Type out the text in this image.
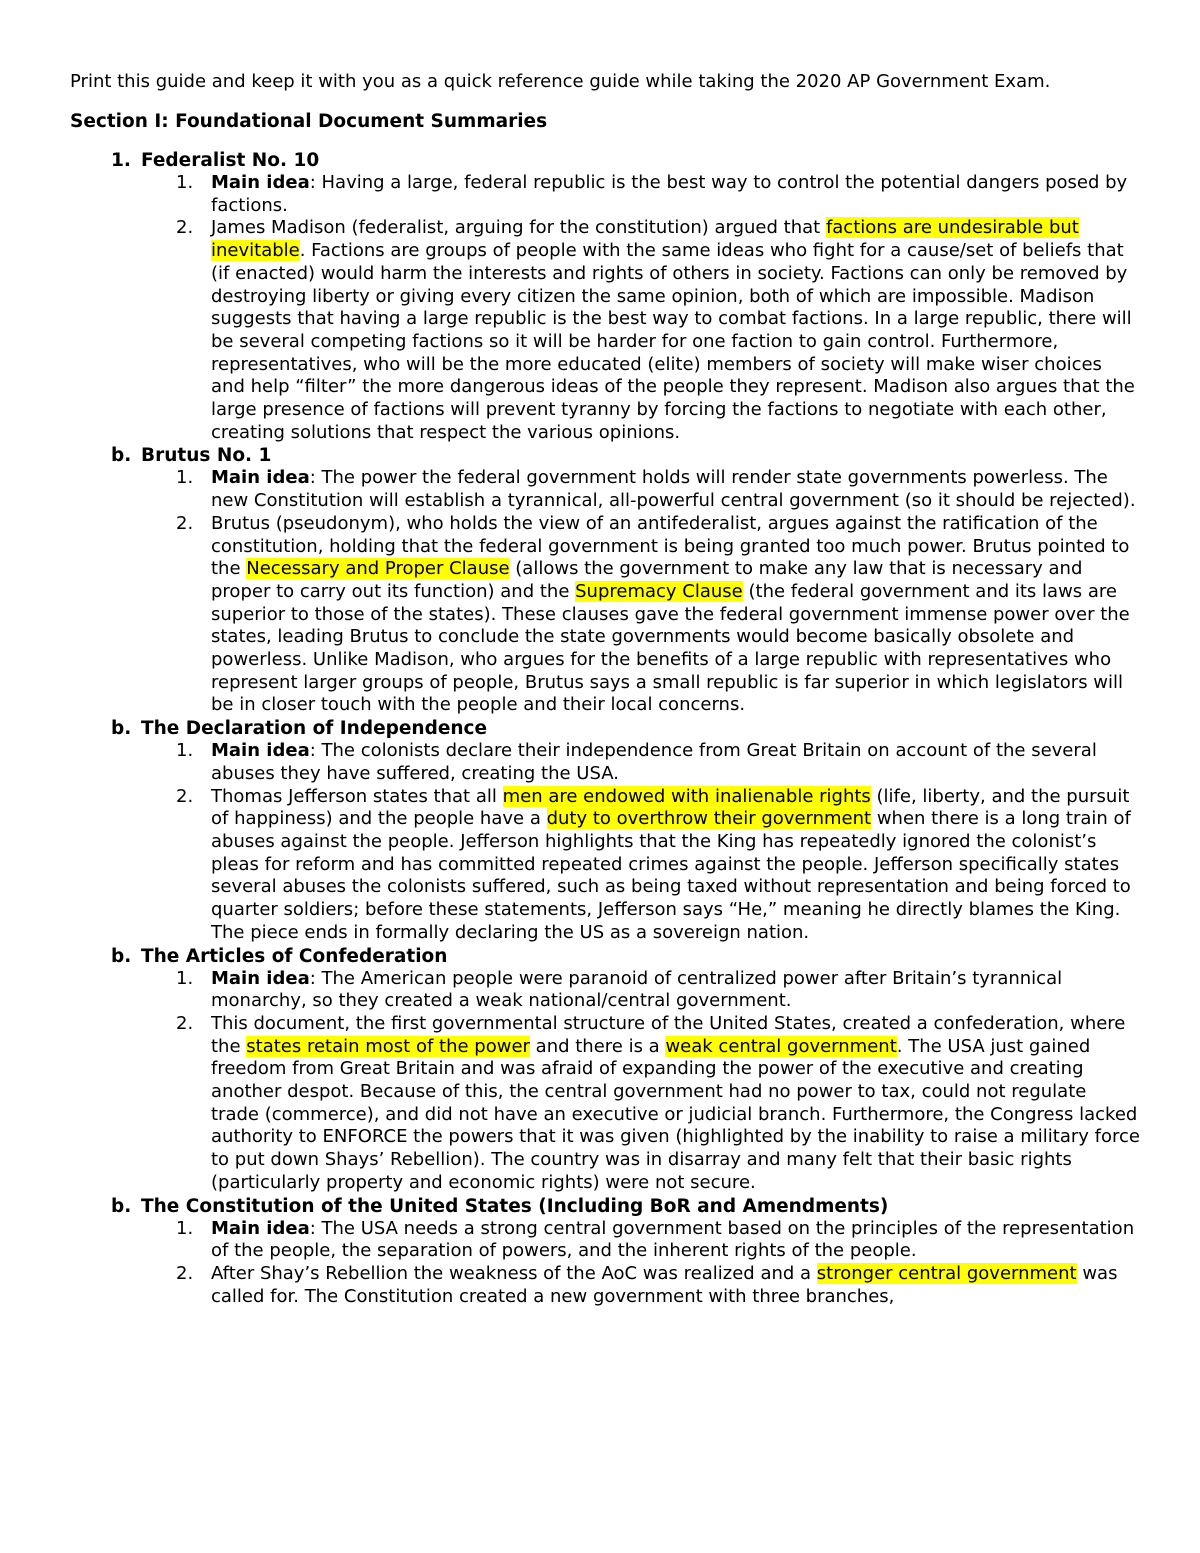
Print this guide and keep it with you as a quick reference guide while taking the 2020 AP Government Exam.

Section I: Foundational Document Summaries

1. Federalist No. 10
1. Main idea: Having a large, federal republic is the best way to control the potential dangers posed by factions.
2. James Madison (federalist, arguing for the constitution) argued that factions are undesirable but inevitable. Factions are groups of people with the same ideas who fight for a cause/set of beliefs that (if enacted) would harm the interests and rights of others in society. Factions can only be removed by destroying liberty or giving every citizen the same opinion, both of which are impossible. Madison suggests that having a large republic is the best way to combat factions. In a large republic, there will be several competing factions so it will be harder for one faction to gain control. Furthermore, representatives, who will be the more educated (elite) members of society will make wiser choices and help “filter” the more dangerous ideas of the people they represent. Madison also argues that the large presence of factions will prevent tyranny by forcing the factions to negotiate with each other, creating solutions that respect the various opinions.
b. Brutus No. 1
1. Main idea: The power the federal government holds will render state governments powerless. The new Constitution will establish a tyrannical, all-powerful central government (so it should be rejected).
2. Brutus (pseudonym), who holds the view of an antifederalist, argues against the ratification of the constitution, holding that the federal government is being granted too much power. Brutus pointed to the Necessary and Proper Clause (allows the government to make any law that is necessary and proper to carry out its function) and the Supremacy Clause (the federal government and its laws are superior to those of the states). These clauses gave the federal government immense power over the states, leading Brutus to conclude the state governments would become basically obsolete and powerless. Unlike Madison, who argues for the benefits of a large republic with representatives who represent larger groups of people, Brutus says a small republic is far superior in which legislators will be in closer touch with the people and their local concerns.
b. The Declaration of Independence
1. Main idea: The colonists declare their independence from Great Britain on account of the several abuses they have suffered, creating the USA.
2. Thomas Jefferson states that all men are endowed with inalienable rights (life, liberty, and the pursuit of happiness) and the people have a duty to overthrow their government when there is a long train of abuses against the people. Jefferson highlights that the King has repeatedly ignored the colonist’s pleas for reform and has committed repeated crimes against the people. Jefferson specifically states several abuses the colonists suffered, such as being taxed without representation and being forced to quarter soldiers; before these statements, Jefferson says “He,” meaning he directly blames the King. The piece ends in formally declaring the US as a sovereign nation.
b. The Articles of Confederation
1. Main idea: The American people were paranoid of centralized power after Britain’s tyrannical monarchy, so they created a weak national/central government.
2. This document, the first governmental structure of the United States, created a confederation, where the states retain most of the power and there is a weak central government. The USA just gained freedom from Great Britain and was afraid of expanding the power of the executive and creating another despot. Because of this, the central government had no power to tax, could not regulate trade (commerce), and did not have an executive or judicial branch. Furthermore, the Congress lacked authority to ENFORCE the powers that it was given (highlighted by the inability to raise a military force to put down Shays’ Rebellion). The country was in disarray and many felt that their basic rights (particularly property and economic rights) were not secure.
b. The Constitution of the United States (Including BoR and Amendments)
1. Main idea: The USA needs a strong central government based on the principles of the representation of the people, the separation of powers, and the inherent rights of the people.
2. After Shay’s Rebellion the weakness of the AoC was realized and a stronger central government was called for. The Constitution created a new government with three branches,
